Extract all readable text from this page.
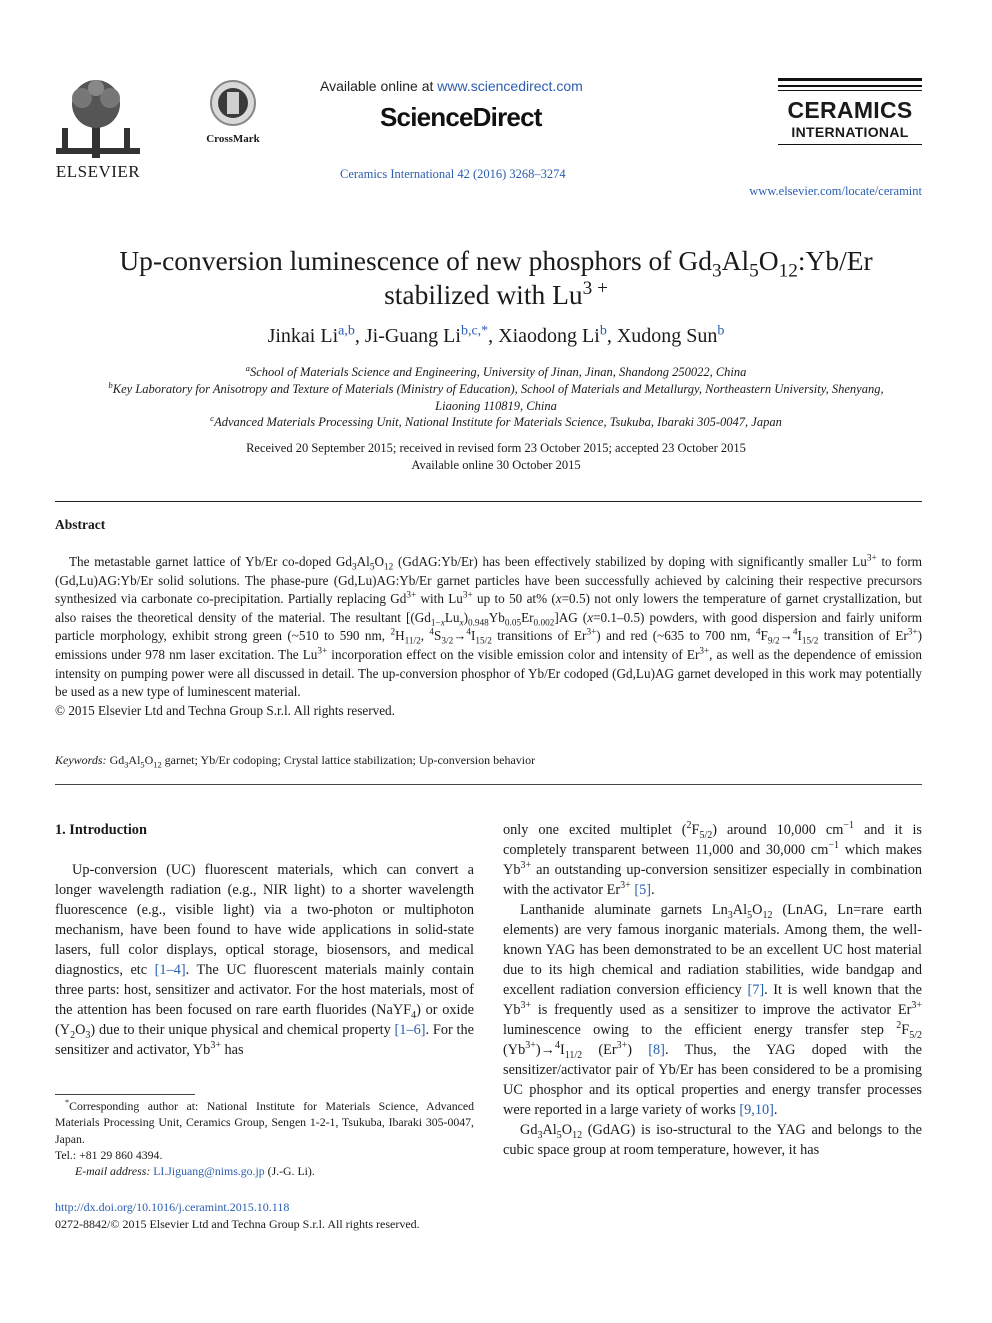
ELSEVIER
CrossMark
Available online at www.sciencedirect.com
ScienceDirect
Ceramics International 42 (2016) 3268–3274
CERAMICS
INTERNATIONAL
www.elsevier.com/locate/ceramint
Up-conversion luminescence of new phosphors of $Gd_3Al_5O_{12}:Yb/Er$
stabilized with $Lu^{3 +}$
Jinkai Li$^{a,b}$, Ji-Guang $Li^{b,c,*}$, Xiaodong Li$^b$, Xudong Sun$^b$
$^a$School of Materials Science and Engineering, University of Jinan, Jinan, Shandong 250022, China
$^b$Key Laboratory for Anisotropy and Texture of Materials (Ministry of Education), School of Materials and Metallurgy, Northeastern University, Shenyang,
Liaoning 110819, China
$^c$Advanced Materials Processing Unit, National Institute for Materials Science, Tsukuba, Ibaraki 305-0047, Japan
Received 20 September 2015; received in revised form 23 October 2015; accepted 23 October 2015
Available online 30 October 2015
Abstract
The metastable garnet lattice of Yb/Er co-doped $Gd_3Al_5O_{12}$ (GdAG:Yb/Er) has been effectively stabilized by doping with significantly smaller $Lu^{3+}$ to form (Gd,Lu)AG:Yb/Er solid solutions. The phase-pure (Gd,Lu)AG:Yb/Er garnet particles have been successfully achieved by calcining their respective precursors synthesized via carbonate co-precipitation. Partially replacing $Gd^{3+}$ with $Lu^{3+}$ up to 50 at% (x=0.5) not only lowers the temperature of garnet crystallization, but also raises the theoretical density of the material. The resultant $[(Gd_{1-x}Lu_x)_{0.948}Yb_{0.05}Er_{0.002}]AG$ (x=0.1–0.5) powders, with good dispersion and fairly uniform particle morphology, exhibit strong green (~510 to 590 nm, $^2H_{11/2}$, $^4S_{3/2}\to^4I_{15/2}$ transitions of $Er^{3+}$) and red (~635 to 700 nm, $^4F_{9/2}\to^4I_{15/2}$ transition of $Er^{3+}$) emissions under 978 nm laser excitation. The $Lu^{3+}$ incorporation effect on the visible emission color and intensity of $Er^{3+}$, as well as the dependence of emission intensity on pumping power were all discussed in detail. The up-conversion phosphor of Yb/Er codoped (Gd,Lu)AG garnet developed in this work may potentially be used as a new type of luminescent material.
© 2015 Elsevier Ltd and Techna Group S.r.l. All rights reserved.
Keywords: $Gd_3Al_5O_{12}$ garnet; Yb/Er codoping; Crystal lattice stabilization; Up-conversion behavior
1. Introduction

Up-conversion (UC) fluorescent materials, which can convert a longer wavelength radiation (e.g., NIR light) to a shorter wavelength fluorescence (e.g., visible light) via a two-photon or multiphoton mechanism, have been found to have wide applications in solid-state lasers, full color displays, optical storage, biosensors, and medical diagnostics, etc [1–4]. The UC fluorescent materials mainly contain three parts: host, sensitizer and activator. For the host materials, most of the attention has been focused on rare earth fluorides (NaYF$_4$) or oxide $(Y_2O_3)$ due to their unique physical and chemical property [1–6]. For the sensitizer and activator, $Yb^{3+}$ has

*Corresponding author at: National Institute for Materials Science, Advanced Materials Processing Unit, Ceramics Group, Sengen 1-2-1, Tsukuba, Ibaraki 305-0047, Japan.
Tel.: +81 29 860 4394.
E-mail address: LI.Jiguang@nims.go.jp (J.-G. Li).
http://dx.doi.org/10.1016/j.ceramint.2015.10.118
0272-8842/© 2015 Elsevier Ltd and Techna Group S.r.l. All rights reserved.

only one excited multiplet $(^2F_{5/2})$ around 10,000 $cm^{-1}$ and it is completely transparent between 11,000 and 30,000 $cm^{-1}$ which makes $Yb^{3+}$ an outstanding up-conversion sensitizer especially in combination with the activator $Er^{3+}$ [5].

Lanthanide aluminate garnets $Ln_3Al_5O_{12}$ (LnAG, Ln=rare earth elements) are very famous inorganic materials. Among them, the well-known YAG has been demonstrated to be an excellent UC host material due to its high chemical and radiation stabilities, wide bandgap and excellent radiation conversion efficiency [7]. It is well known that the $Yb^{3+}$ is frequently used as a sensitizer to improve the activator $Er^{3+}$ luminescence owing to the efficient energy transfer step $^2F_{5/2}$ $(Yb^{3+})\to^4I_{11/2}$ $(Er^{3+})$ [8]. Thus, the YAG doped with the sensitizer/activator pair of Yb/Er has been considered to be a promising UC phosphor and its optical properties and energy transfer processes were reported in a large variety of works [9,10].

$Gd_3Al_5O_{12}$ (GdAG) is iso-structural to the YAG and belongs to the cubic space group at room temperature, however, it has
